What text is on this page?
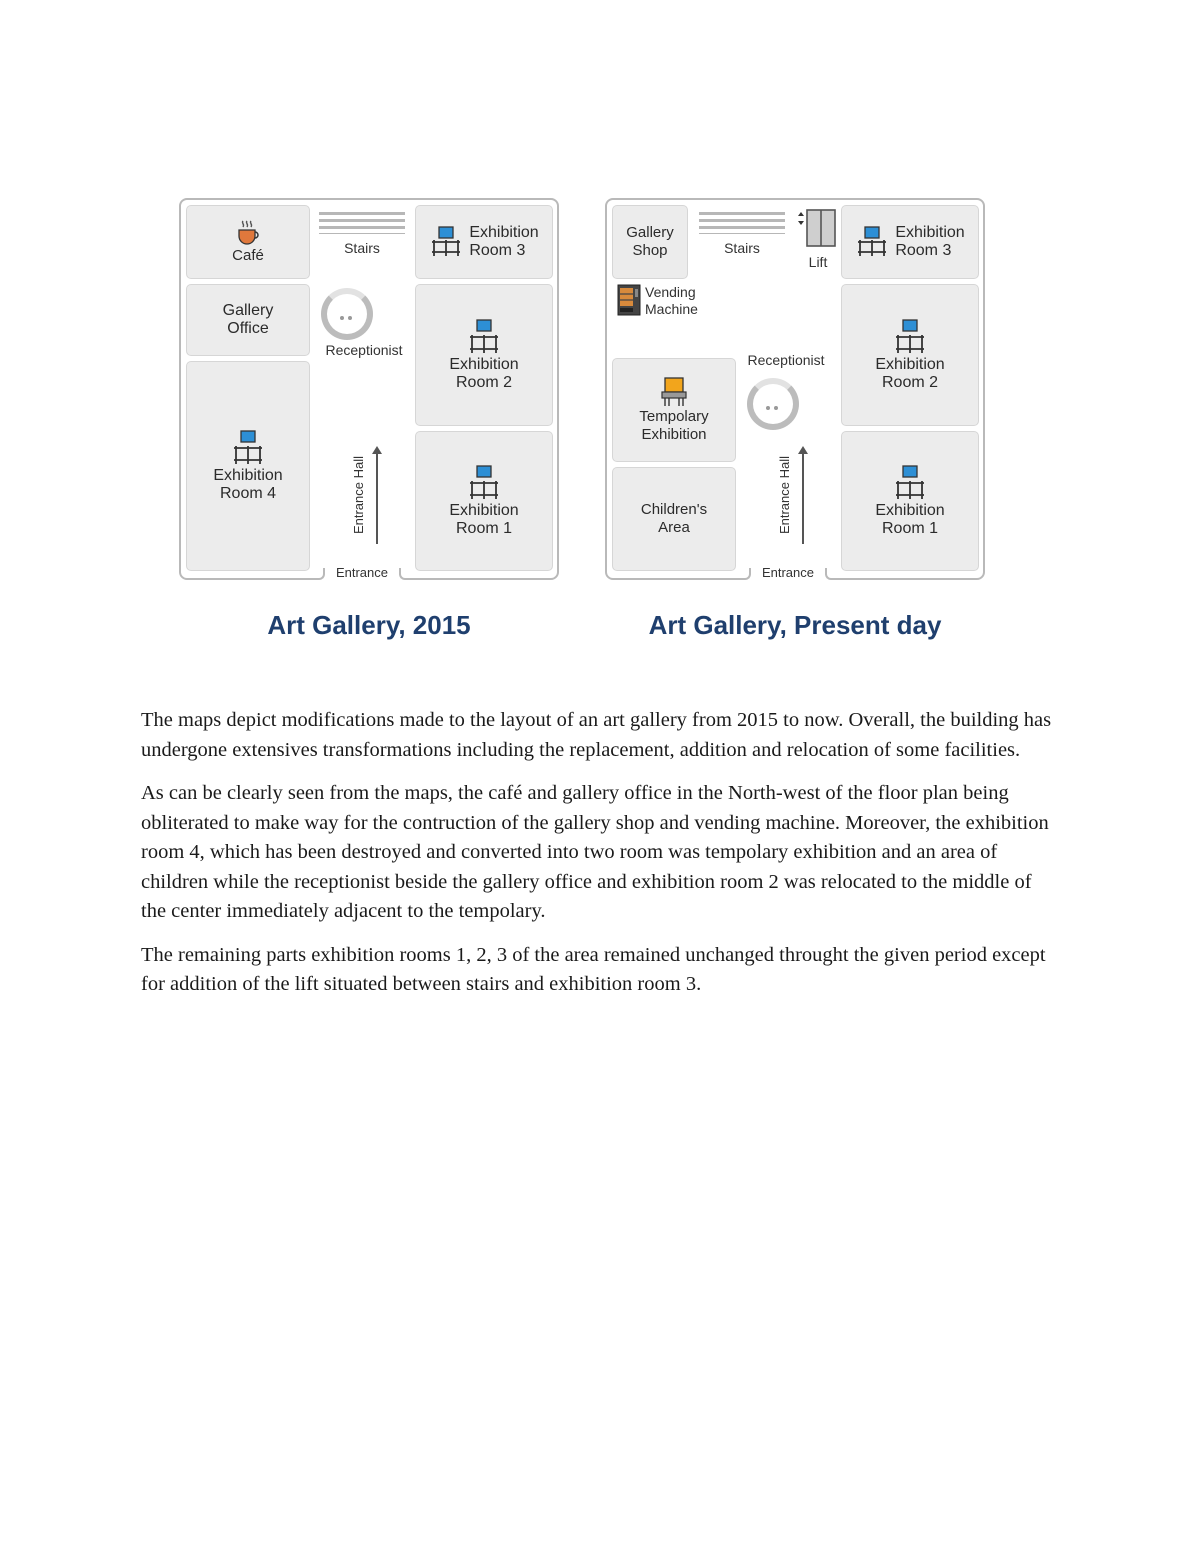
Café	Stairs
Exhibition
Room 3
Gallery
Office
Receptionist
Exhibition
Room 2
Exhibition
Room 4	Entrance Hall	Exhibition
Room 1
Entrance
Art Gallery, 2015
Gallery
Shop	Stairs
Lift
Exhibition
Room 3
Vending
Machine
Tempolary
Exhibition
Receptionist	Exhibition
Room 2
Children's
Area	Entrance Hall	Exhibition
Room 1
Entrance
Art Gallery, Present day

The maps depict modifications made to the layout of an art gallery from 2015 to now. Overall, the building has undergone extensives transformations including the replacement, addition and relocation of some facilities.

As can be clearly seen from the maps, the café and gallery office in the North-west of the floor plan being obliterated to make way for the contruction of the gallery shop and vending machine. Moreover, the exhibition room 4, which has been destroyed and converted into two room was tempolary exhibition and an area of children while the receptionist beside the gallery office and exhibition room 2 was relocated to the middle of the center immediately adjacent to the tempolary.

The remaining parts exhibition rooms 1, 2, 3 of the area remained unchanged throught the given period except for addition of the lift situated between stairs and exhibition room 3.
